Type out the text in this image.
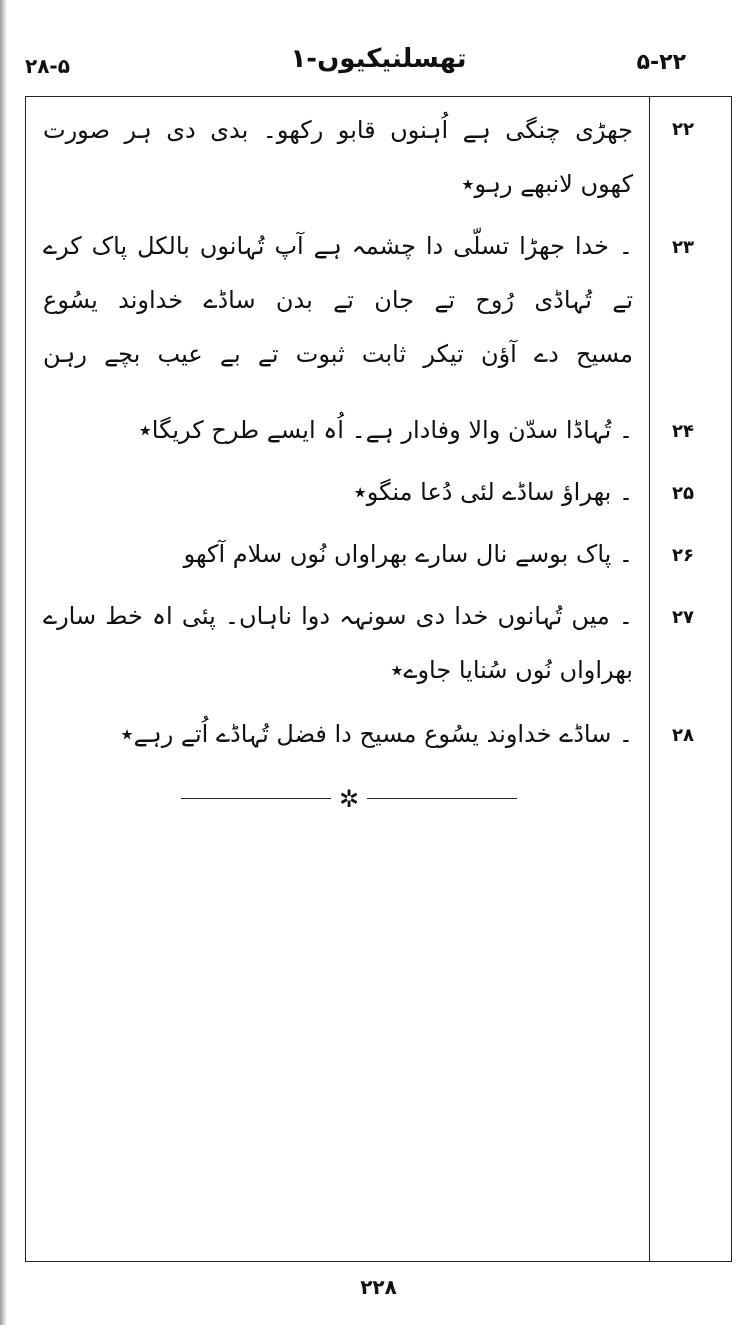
۲۸-۵	۱-تھسلنیکیوں	۵-۲۲
۲۲
جھڑی چنگی ہے اُہنوں قابو رکھو۔ بدی دی ہر صورت
کھوں لانبھے رہو٭
۲۳
۔ خدا جھڑا تسلّی دا چشمہ ہے آپ تُہانوں بالکل پاک کرے
تے تُہاڈی رُوح تے جان تے بدن ساڈے خداوند یسُوع
مسیح دے آؤن تیکر ثابت ثبوت تے بے عیب بچے رہن
۲۴
۔ تُہاڈا سدّن والا وفادار ہے۔ اُہ ایسے طرح کریگا٭
۲۵
۔ بھراؤ ساڈے لئی دُعا منگو٭
۲۶
۔ پاک بوسے نال سارے بھراواں نُوں سلام آکھو
۲۷
۔ میں تُہانوں خدا دی سونہہ دوا ناہاں۔ پئی اہ خط سارے
بھراواں نُوں سُنایا جاوے٭
۲۸
۔ ساڈے خداوند یسُوع مسیح دا فضل تُہاڈے اُتے رہے٭
✲
۲۲۸
